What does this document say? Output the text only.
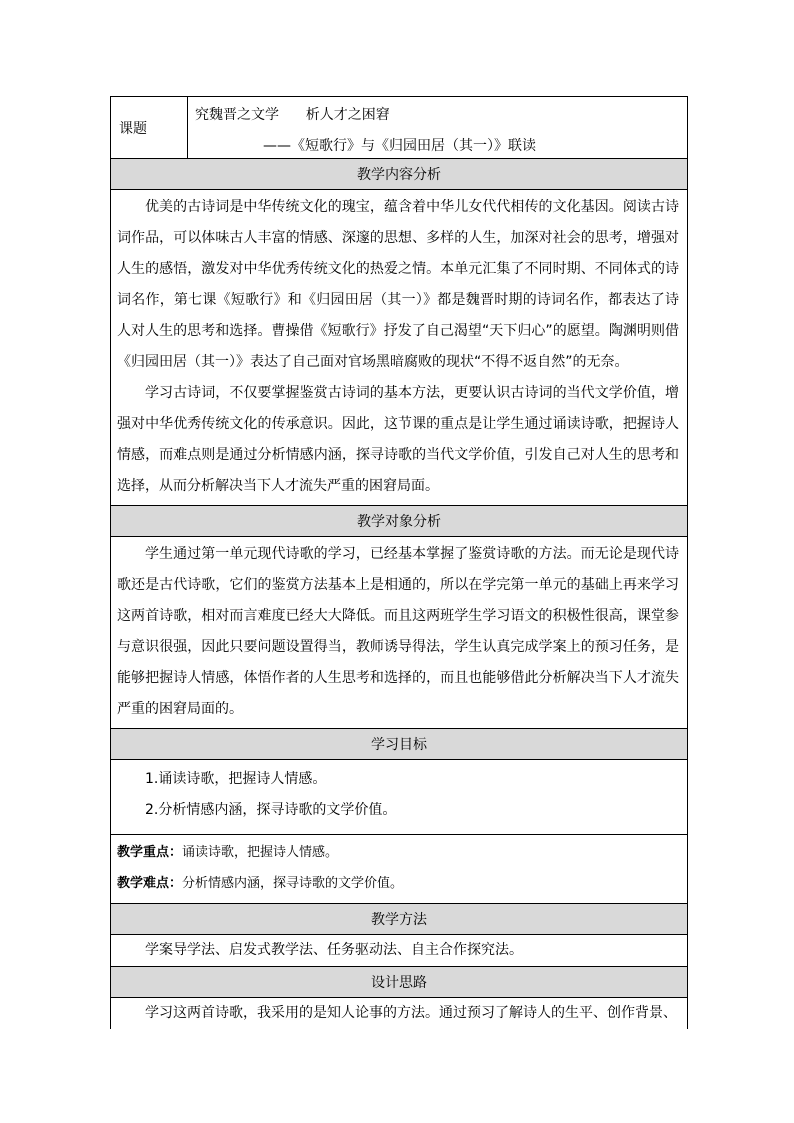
课题
究魏晋之文学      析人才之困窘
——《短歌行》与《归园田居（其一）》联读
教学内容分析

优美的古诗词是中华传统文化的瑰宝，蕴含着中华儿女代代相传的文化基因。阅读古诗词作品，可以体味古人丰富的情感、深邃的思想、多样的人生，加深对社会的思考，增强对人生的感悟，激发对中华优秀传统文化的热爱之情。本单元汇集了不同时期、不同体式的诗词名作，第七课《短歌行》和《归园田居（其一）》都是魏晋时期的诗词名作，都表达了诗人对人生的思考和选择。曹操借《短歌行》抒发了自己渴望“天下归心”的愿望。陶渊明则借《归园田居（其一）》表达了自己面对官场黑暗腐败的现状“不得不返自然”的无奈。

学习古诗词，不仅要掌握鉴赏古诗词的基本方法，更要认识古诗词的当代文学价值，增强对中华优秀传统文化的传承意识。因此，这节课的重点是让学生通过诵读诗歌，把握诗人情感，而难点则是通过分析情感内涵，探寻诗歌的当代文学价值，引发自己对人生的思考和选择，从而分析解决当下人才流失严重的困窘局面。

教学对象分析

学生通过第一单元现代诗歌的学习，已经基本掌握了鉴赏诗歌的方法。而无论是现代诗歌还是古代诗歌，它们的鉴赏方法基本上是相通的，所以在学完第一单元的基础上再来学习这两首诗歌，相对而言难度已经大大降低。而且这两班学生学习语文的积极性很高，课堂参与意识很强，因此只要问题设置得当，教师诱导得法，学生认真完成学案上的预习任务，是能够把握诗人情感，体悟作者的人生思考和选择的，而且也能够借此分析解决当下人才流失严重的困窘局面的。

学习目标
1.诵读诗歌，把握诗人情感。
2.分析情感内涵，探寻诗歌的文学价值。
教学重点：诵读诗歌，把握诗人情感。
教学难点：分析情感内涵，探寻诗歌的文学价值。
教学方法

学案导学法、启发式教学法、任务驱动法、自主合作探究法。

设计思路

学习这两首诗歌，我采用的是知人论事的方法。通过预习了解诗人的生平、创作背景、
